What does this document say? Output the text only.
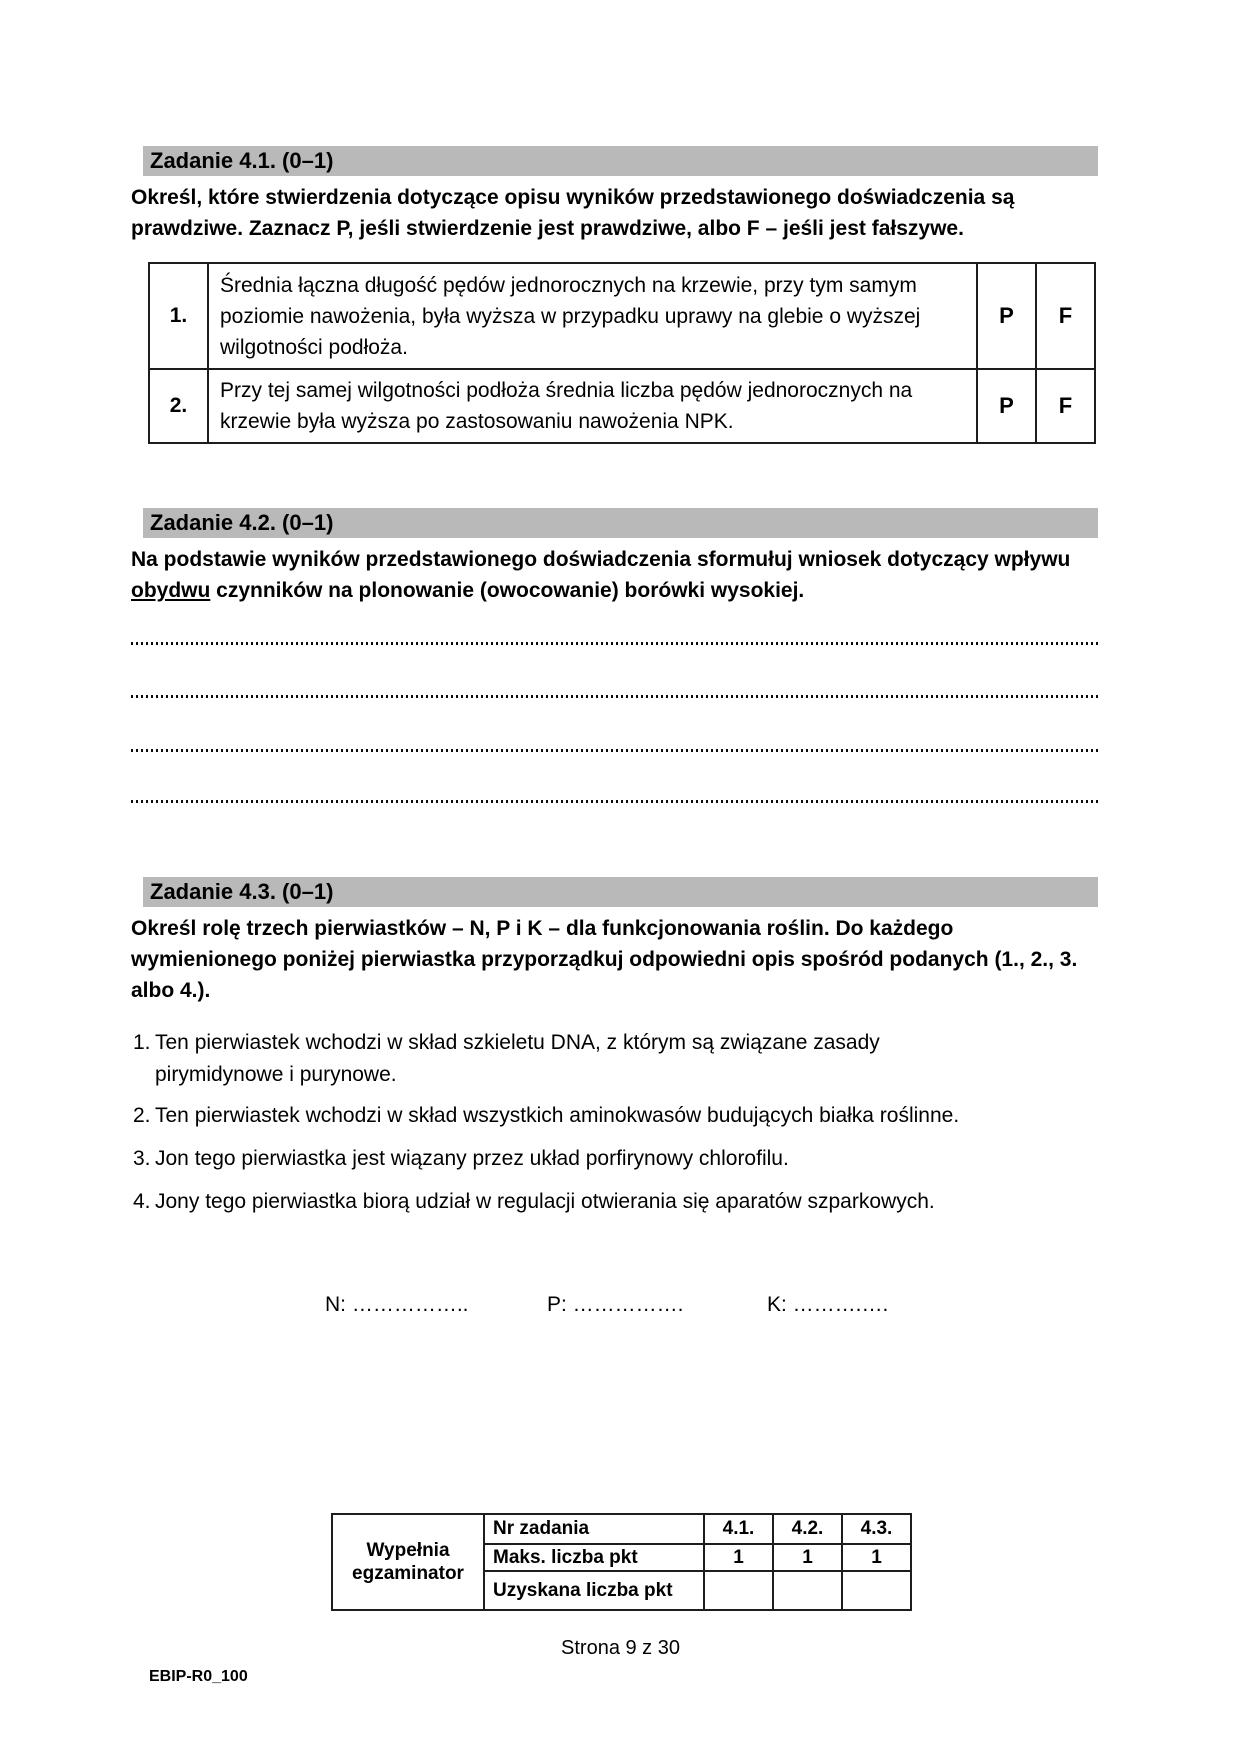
Zadanie 4.1. (0–1)

Określ, które stwierdzenia dotyczące opisu wyników przedstawionego doświadczenia są prawdziwe. Zaznacz P, jeśli stwierdzenie jest prawdziwe, albo F – jeśli jest fałszywe.

1.	Średnia łączna długość pędów jednorocznych na krzewie, przy tym samym poziomie nawożenia, była wyższa w przypadku uprawy na glebie o wyższej wilgotności podłoża.	P	F
2.	Przy tej samej wilgotności podłoża średnia liczba pędów jednorocznych na krzewie była wyższa po zastosowaniu nawożenia NPK.	P	F
Zadanie 4.2. (0–1)

Na podstawie wyników przedstawionego doświadczenia sformułuj wniosek dotyczący wpływu obydwu czynników na plonowanie (owocowanie) borówki wysokiej.

Zadanie 4.3. (0–1)

Określ rolę trzech pierwiastków – N, P i K – dla funkcjonowania roślin. Do każdego wymienionego poniżej pierwiastka przyporządkuj odpowiedni opis spośród podanych (1., 2., 3. albo 4.).

1. Ten pierwiastek wchodzi w skład szkieletu DNA, z którym są związane zasady
pirymidynowe i purynowe.
2. Ten pierwiastek wchodzi w skład wszystkich aminokwasów budujących białka roślinne.
3. Jon tego pierwiastka jest wiązany przez układ porfirynowy chlorofilu.
4. Jony tego pierwiastka biorą udział w regulacji otwierania się aparatów szparkowych.
N: ……………..	P: …………….	K: ……….….
Wypełnia egzaminator	Nr zadania	4.1.	4.2.	4.3.
	Maks. liczba pkt	1	1	1
	Uzyskana liczba pkt			
Strona 9 z 30
EBIP-R0_100
